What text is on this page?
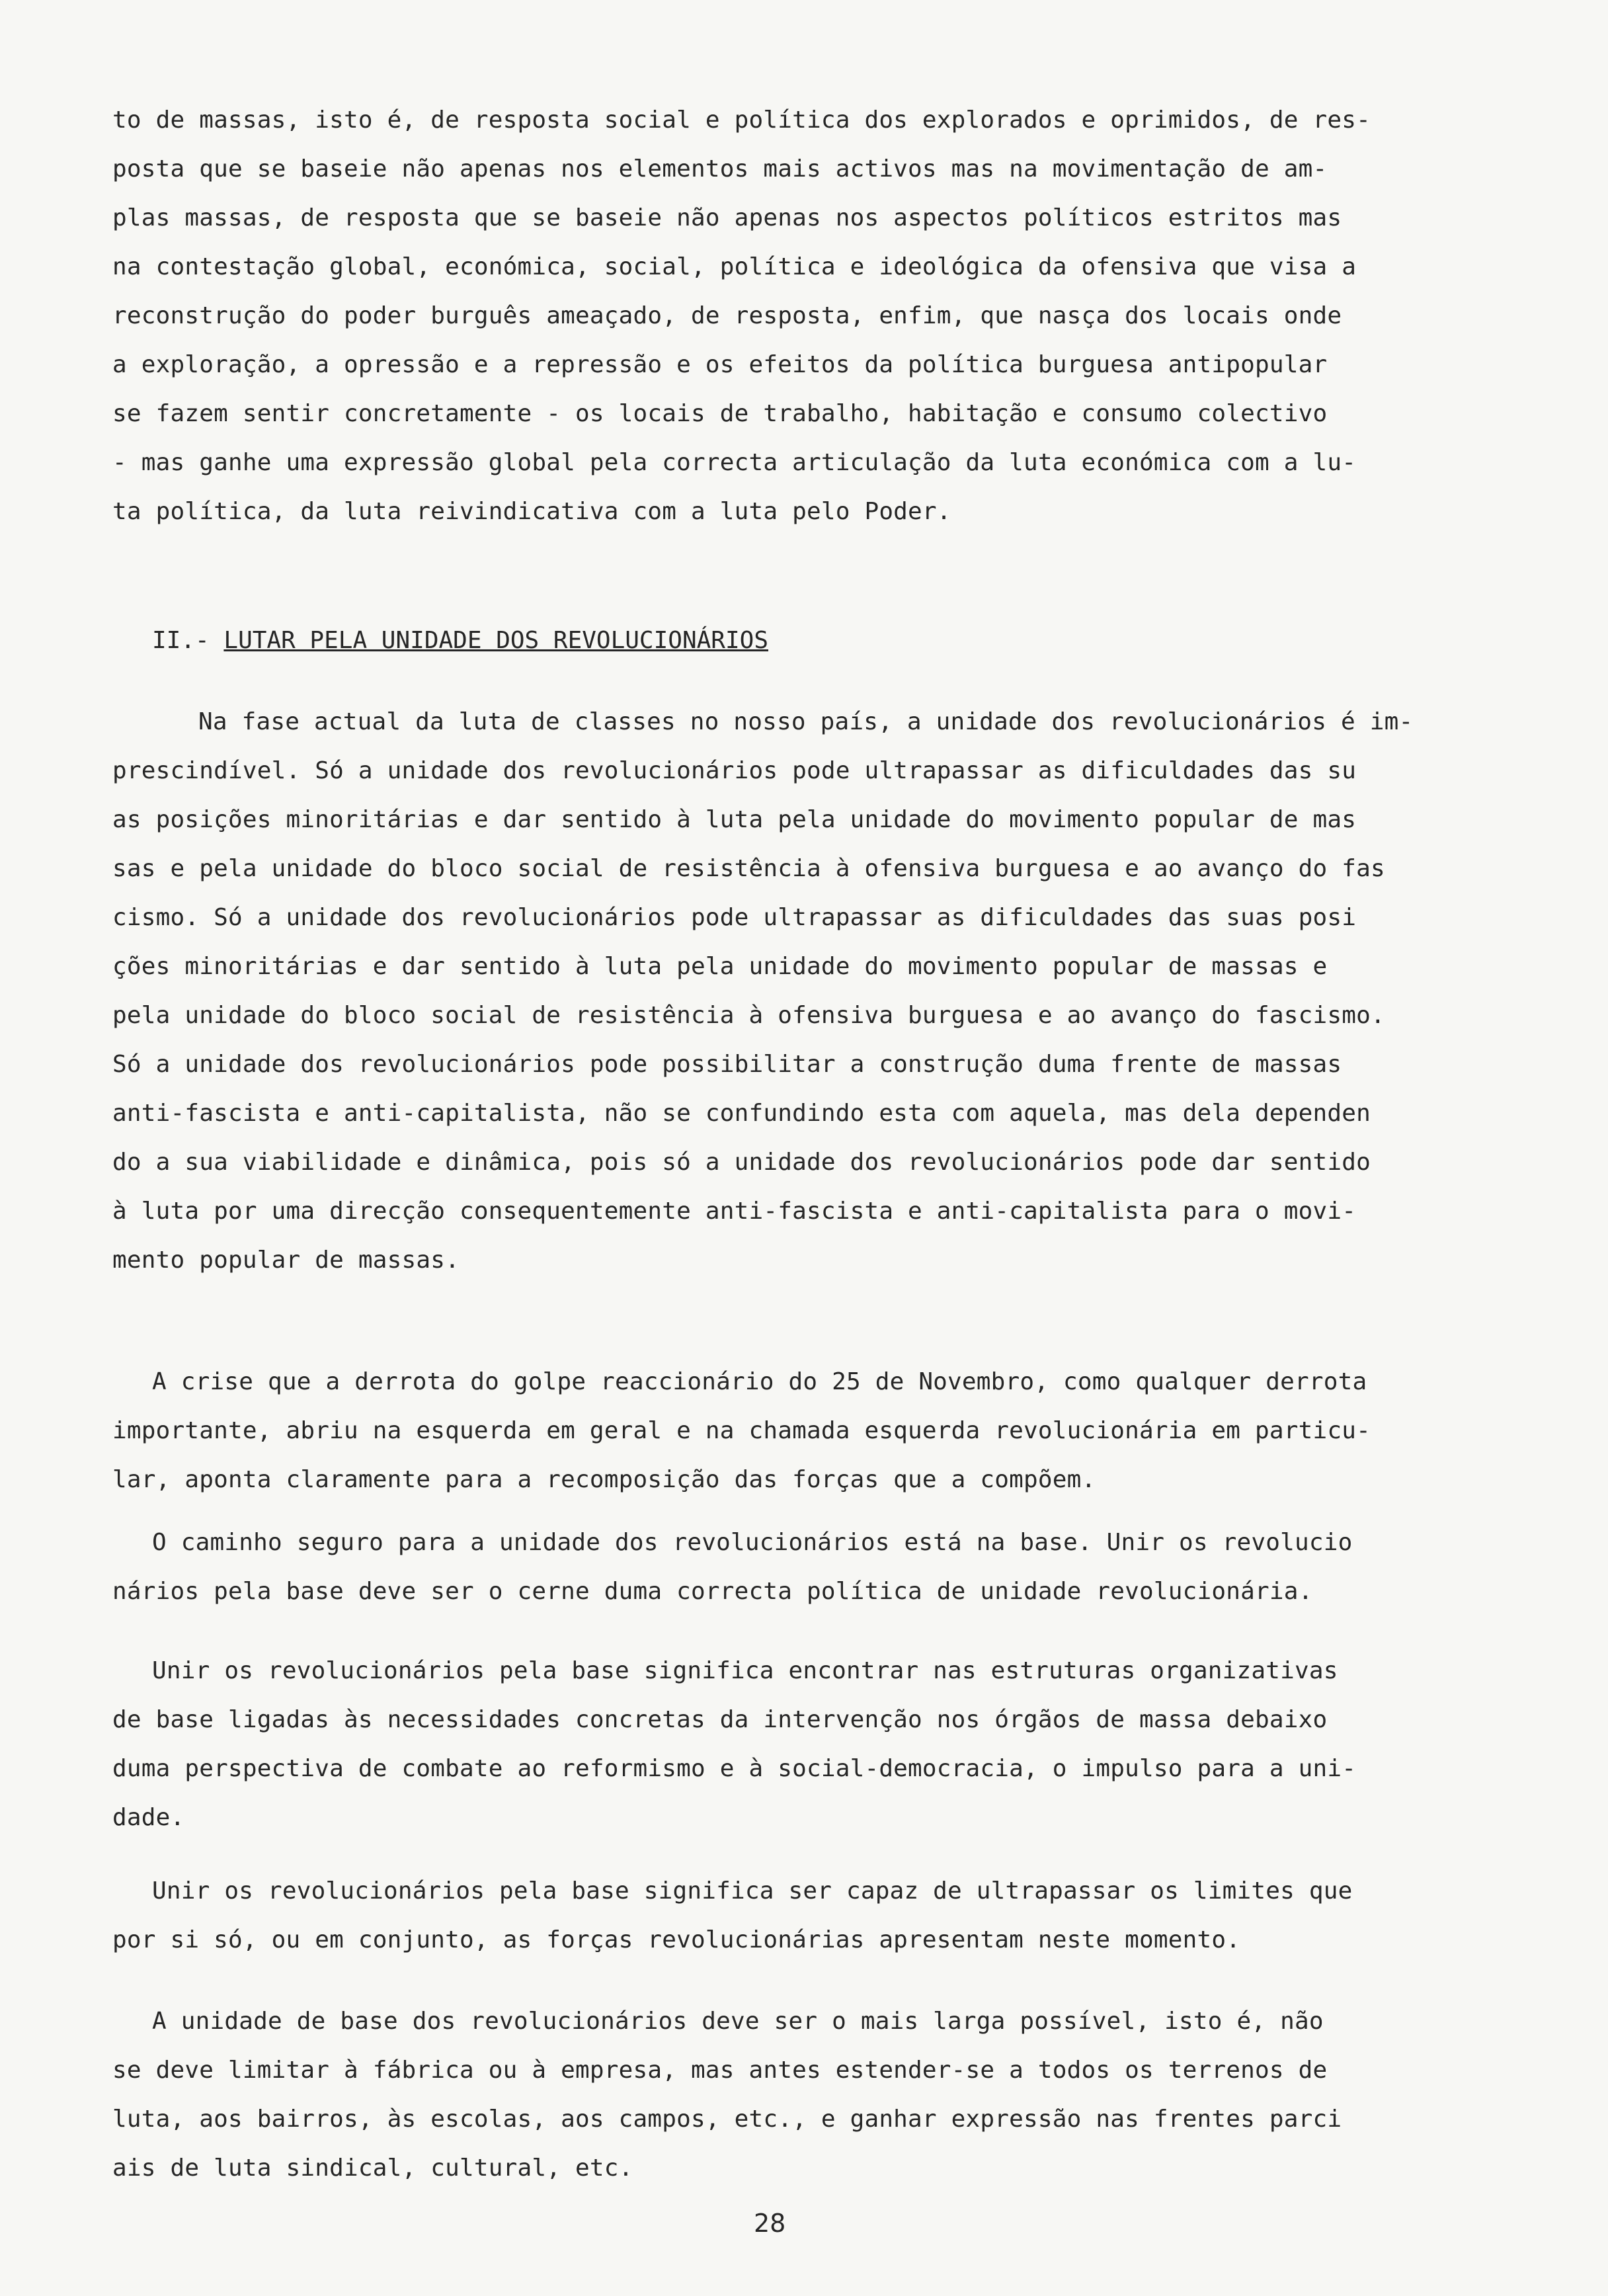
to de massas, isto é, de resposta social e política dos explorados e oprimidos, de res-
posta que se baseie não apenas nos elementos mais activos mas na movimentação de am-
plas massas, de resposta que se baseie não apenas nos aspectos políticos estritos mas
na contestação global, económica, social, política e ideológica da ofensiva que visa a
reconstrução do poder burguês ameaçado, de resposta, enfim, que nasça dos locais onde
a exploração, a opressão e a repressão e os efeitos da política burguesa antipopular
se fazem sentir concretamente - os locais de trabalho, habitação e consumo colectivo
- mas ganhe uma expressão global pela correcta articulação da luta económica com a lu-
ta política, da luta reivindicativa com a luta pelo Poder.
II.- LUTAR PELA UNIDADE DOS REVOLUCIONÁRIOS
Na fase actual da luta de classes no nosso país, a unidade dos revolucionários é im-
prescindível. Só a unidade dos revolucionários pode ultrapassar as dificuldades das su
as posições minoritárias e dar sentido à luta pela unidade do movimento popular de mas
sas e pela unidade do bloco social de resistência à ofensiva burguesa e ao avanço do fas
cismo. Só a unidade dos revolucionários pode ultrapassar as dificuldades das suas posi
ções minoritárias e dar sentido à luta pela unidade do movimento popular de massas e
pela unidade do bloco social de resistência à ofensiva burguesa e ao avanço do fascismo.
Só a unidade dos revolucionários pode possibilitar a construção duma frente de massas
anti-fascista e anti-capitalista, não se confundindo esta com aquela, mas dela dependen
do a sua viabilidade e dinâmica, pois só a unidade dos revolucionários pode dar sentido
à luta por uma direcção consequentemente anti-fascista e anti-capitalista para o movi-
mento popular de massas.
A crise que a derrota do golpe reaccionário do 25 de Novembro, como qualquer derrota
importante, abriu na esquerda em geral e na chamada esquerda revolucionária em particu-
lar, aponta claramente para a recomposição das forças que a compõem.
O caminho seguro para a unidade dos revolucionários está na base. Unir os revolucio
nários pela base deve ser o cerne duma correcta política de unidade revolucionária.
Unir os revolucionários pela base significa encontrar nas estruturas organizativas
de base ligadas às necessidades concretas da intervenção nos órgãos de massa debaixo
duma perspectiva de combate ao reformismo e à social-democracia, o impulso para a uni-
dade.
Unir os revolucionários pela base significa ser capaz de ultrapassar os limites que
por si só, ou em conjunto, as forças revolucionárias apresentam neste momento.
A unidade de base dos revolucionários deve ser o mais larga possível, isto é, não
se deve limitar à fábrica ou à empresa, mas antes estender-se a todos os terrenos de
luta, aos bairros, às escolas, aos campos, etc., e ganhar expressão nas frentes parci
ais de luta sindical, cultural, etc.
28
